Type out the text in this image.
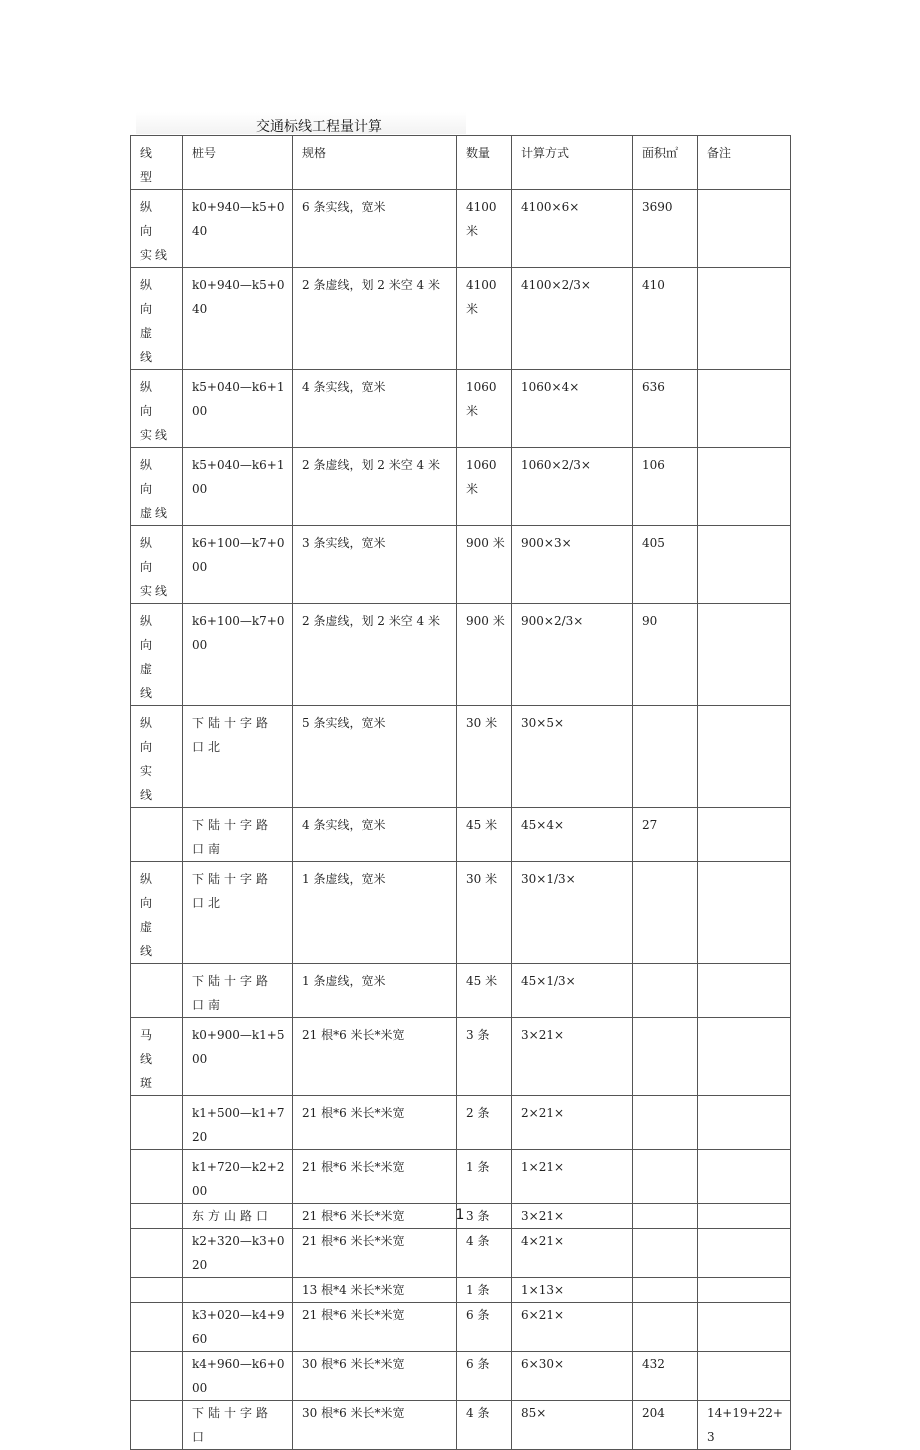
交通标线工程量计算
线 型	桩号	规格	数量	计算方式	面积㎡	备注
纵 向 实线	k0+940—k5+040	6 条实线，宽米	4100 米	4100×6×	3690	
纵 向 虚 线	k0+940—k5+040	2 条虚线，划 2 米空 4 米	4100 米	4100×2/3×	410	
纵 向 实线	k5+040—k6+100	4 条实线，宽米	1060 米	1060×4×	636	
纵 向 虚线	k5+040—k6+100	2 条虚线，划 2 米空 4 米	1060 米	1060×2/3×	106	
纵 向 实线	k6+100—k7+000	3 条实线，宽米	900 米	900×3×	405	
纵 向 虚 线	k6+100—k7+000	2 条虚线，划 2 米空 4 米	900 米	900×2/3×	90	
纵 向 实 线	下陆十字路口北	5 条实线，宽米	30 米	30×5×		
	下陆十字路口南	4 条实线，宽米	45 米	45×4×	27	
纵 向 虚 线	下陆十字路口北	1 条虚线，宽米	30 米	30×1/3×		
	下陆十字路口南	1 条虚线，宽米	45 米	45×1/3×		
马 线 斑	k0+900—k1+500	21 根*6 米长*米宽	3 条	3×21×		
	k1+500—k1+720	21 根*6 米长*米宽	2 条	2×21×		
	k1+720—k2+200	21 根*6 米长*米宽	1 条	1×21×		
	东方山路口	21 根*6 米长*米宽	3 条	3×21×		
	k2+320—k3+020	21 根*6 米长*米宽	4 条	4×21×		
		13 根*4 米长*米宽	1 条	1×13×		
	k3+020—k4+960	21 根*6 米长*米宽	6 条	6×21×		
	k4+960—k6+000	30 根*6 米长*米宽	6 条	6×30×	432	
	下陆十字路口	30 根*6 米长*米宽	4 条	85×	204	14+19+22+3
1
